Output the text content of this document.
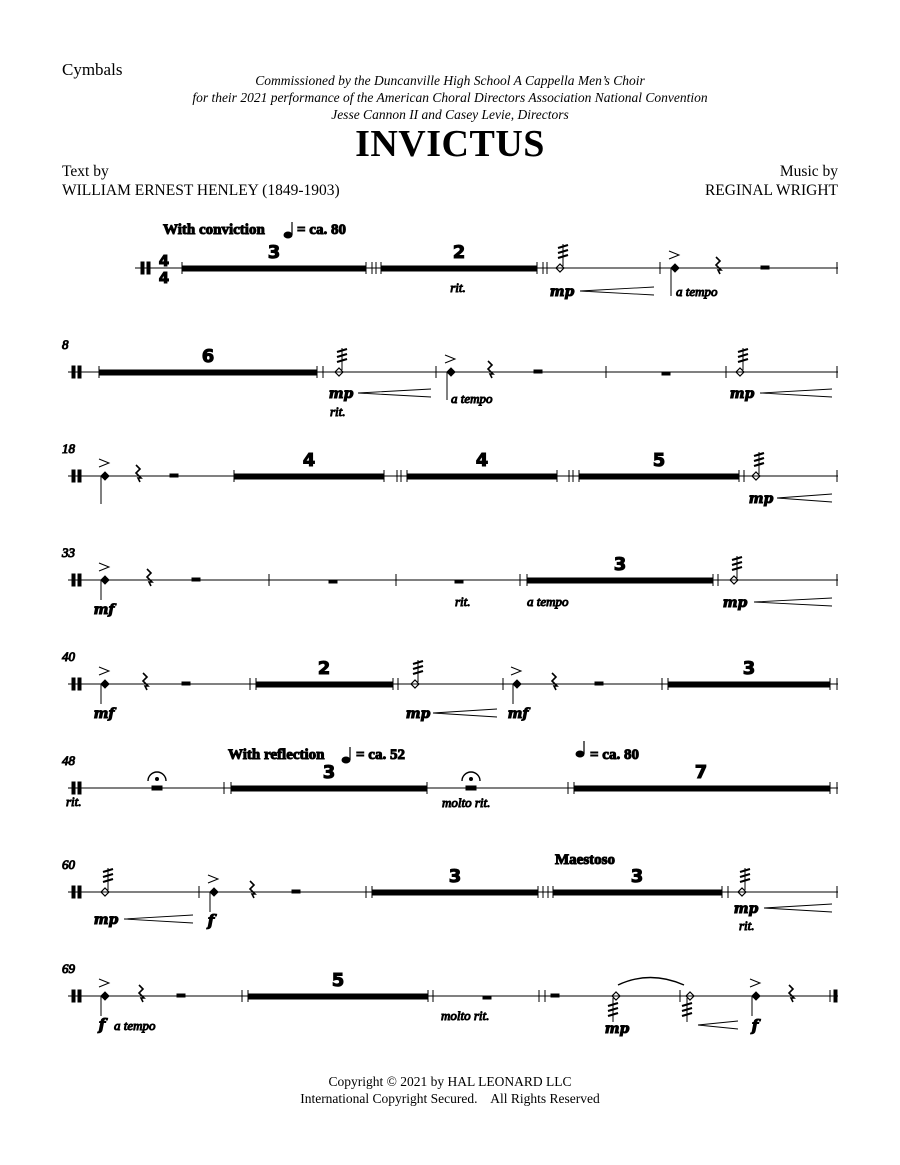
Cymbals
Commissioned by the Duncanville High School A Cappella Men’s Choir
for their 2021 performance of the American Choral Directors Association National Convention
Jesse Cannon II and Casey Levie, Directors
INVICTUS
Text by
WILLIAM ERNEST HENLEY (1849-1903)
Music by
REGINAL WRIGHT
4
4
With conviction = ca. 80
3	2
rit.	mp	a tempo
8
6
mp
rit.
a tempo	mp
18
4	4	5
mp
33
mf
rit.
3
a tempo	mp
40
mf
2
mp	mf
3
48
rit.
3
With reflection = ca. 52
molto rit.
7
= ca. 80
60
mp	f
3	3
Maestoso
mp
rit.
69
f a tempo
5
molto rit.
mp	f
Copyright © 2021 by HAL LEONARD LLC
International Copyright Secured.    All Rights Reserved
